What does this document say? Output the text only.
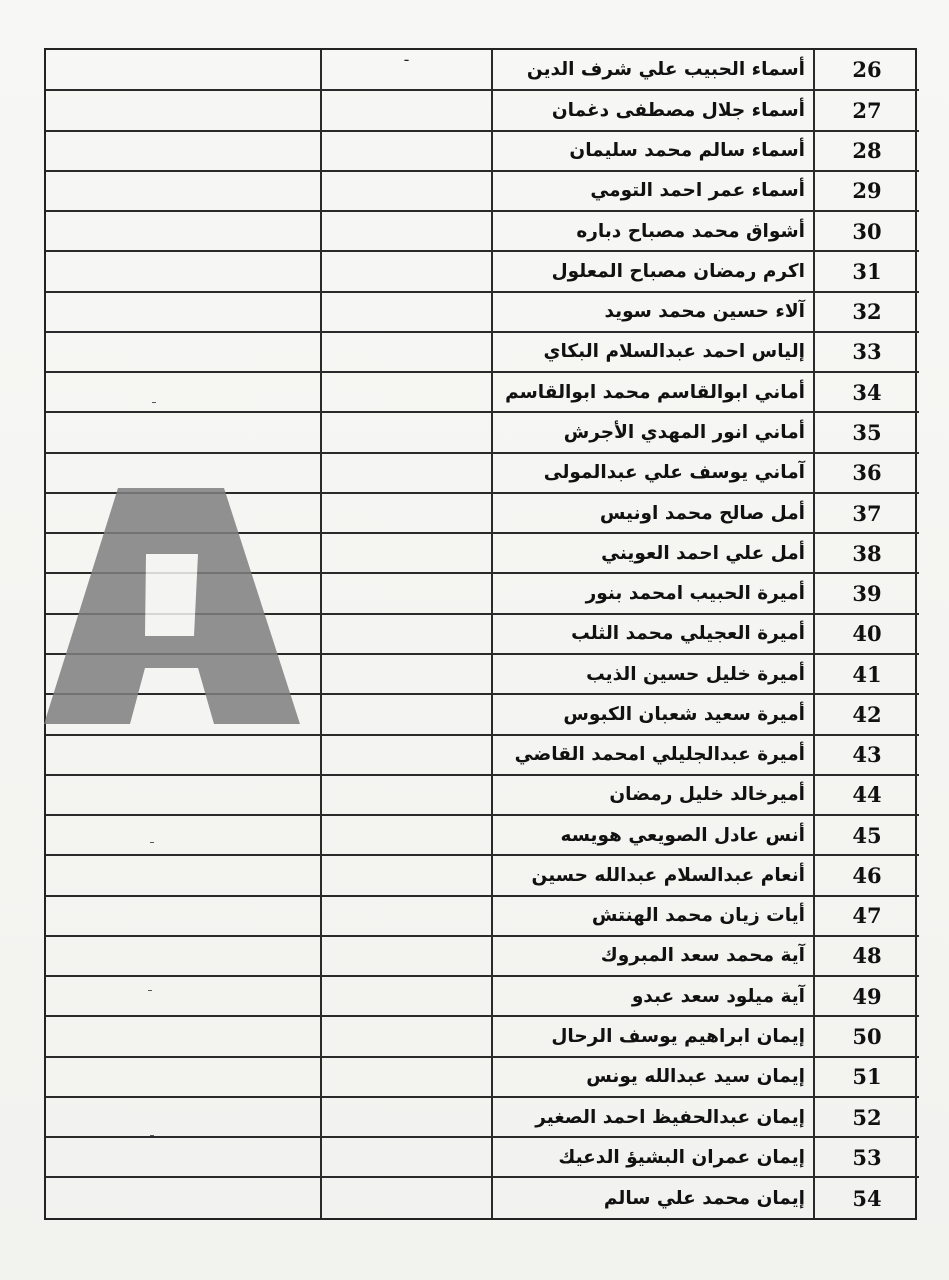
	-	أسماء الحبيب علي شرف الدين	26
		أسماء جلال مصطفى دغمان	27
		أسماء سالم محمد سليمان	28
		أسماء عمر احمد التومي	29
		أشواق محمد مصباح دباره	30
		اكرم رمضان مصباح المعلول	31
		آلاء حسين محمد سويد	32
		إلياس احمد عبدالسلام البكاي	33
		أماني ابوالقاسم محمد ابوالقاسم	34
		أماني انور المهدي الأجرش	35
		آماني يوسف علي عبدالمولى	36
		أمل صالح محمد اونيس	37
		أمل علي احمد العويني	38
		أميرة الحبيب امحمد بنور	39
		أميرة العجيلي محمد الثلب	40
		أميرة خليل حسين الذيب	41
		أميرة سعيد شعبان الكبوس	42
		أميرة عبدالجليلي امحمد القاضي	43
		أميرخالد خليل رمضان	44
		أنس عادل الصويعي هويسه	45
		أنعام عبدالسلام عبدالله حسين	46
		أيات زيان محمد الهنتش	47
		آية محمد سعد المبروك	48
		آية ميلود سعد عبدو	49
		إيمان ابراهيم يوسف الرحال	50
		إيمان سيد عبدالله يونس	51
		إيمان عبدالحفيظ احمد الصغير	52
		إيمان عمران البشيؤ الدعيك	53
		إيمان محمد علي سالم	54
